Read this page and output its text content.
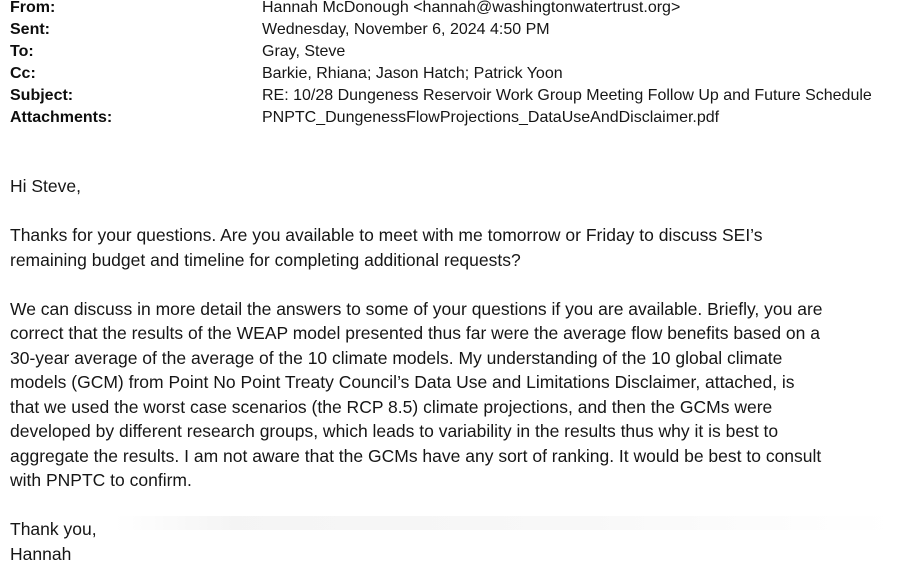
From:	Hannah McDonough <hannah@washingtonwatertrust.org>
Sent:	Wednesday, November 6, 2024 4:50 PM
To:	Gray, Steve
Cc:	Barkie, Rhiana; Jason Hatch; Patrick Yoon
Subject:	RE: 10/28 Dungeness Reservoir Work Group Meeting Follow Up and Future Schedule
Attachments:	PNPTC_DungenessFlowProjections_DataUseAndDisclaimer.pdf

Hi Steve,

Thanks for your questions. Are you available to meet with me tomorrow or Friday to discuss SEI’s
remaining budget and timeline for completing additional requests?

We can discuss in more detail the answers to some of your questions if you are available. Briefly, you are
correct that the results of the WEAP model presented thus far were the average flow benefits based on a
30-year average of the average of the 10 climate models. My understanding of the 10 global climate
models (GCM) from Point No Point Treaty Council’s Data Use and Limitations Disclaimer, attached, is
that we used the worst case scenarios (the RCP 8.5) climate projections, and then the GCMs were
developed by different research groups, which leads to variability in the results thus why it is best to
aggregate the results. I am not aware that the GCMs have any sort of ranking. It would be best to consult
with PNPTC to confirm.

Thank you,
Hannah
